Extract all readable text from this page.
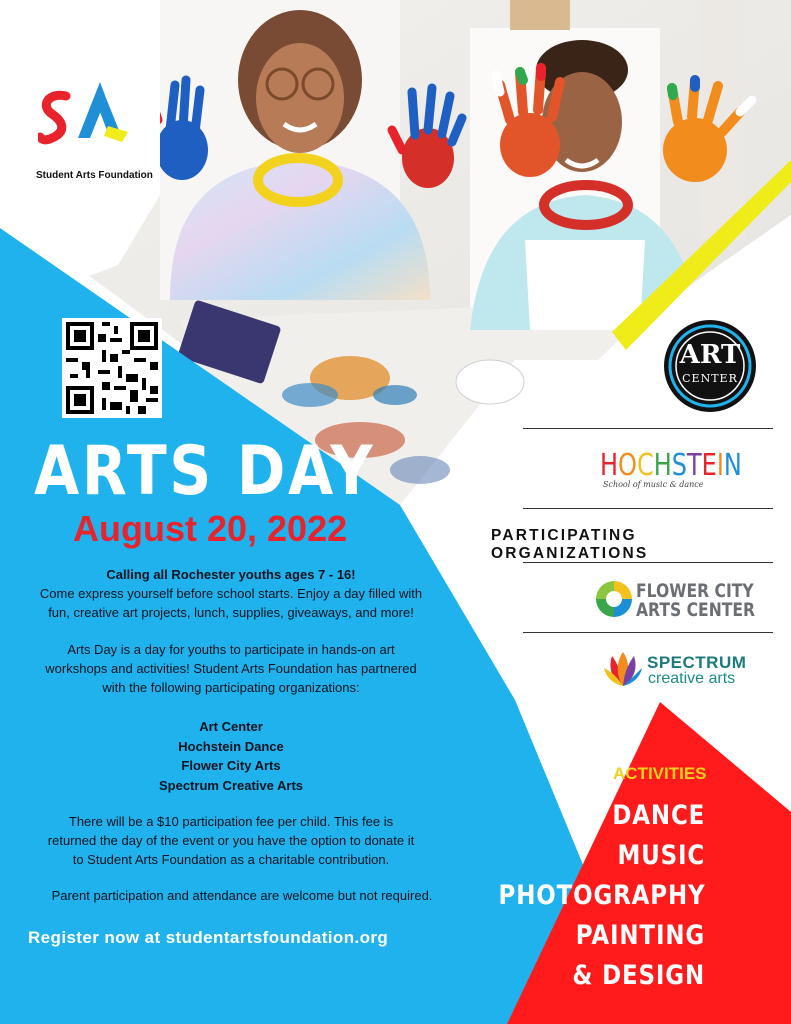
Student Arts Foundation
ARTS DAY
August 20, 2022
Calling all Rochester youths ages 7 - 16!
Come express yourself before school starts. Enjoy a day filled with
fun, creative art projects, lunch, supplies, giveaways, and more!
Arts Day is a day for youths to participate in hands-on art
workshops and activities! Student Arts Foundation has partnered
with the following participating organizations:
Art Center
Hochstein Dance
Flower City Arts
Spectrum Creative Arts
There will be a $10 participation fee per child. This fee is
returned the day of the event or you have the option to donate it
to Student Arts Foundation as a charitable contribution.
Parent participation and attendance are welcome but not required.
Register now at studentartsfoundation.org
ART
CENTER
HOCHSTEIN
School of music & dance
PARTICIPATING ORGANIZATIONS
FLOWER CITY
ARTS CENTER
SPECTRUM
creative arts
ACTIVITIES
DANCE
MUSIC
PHOTOGRAPHY
PAINTING
& DESIGN
